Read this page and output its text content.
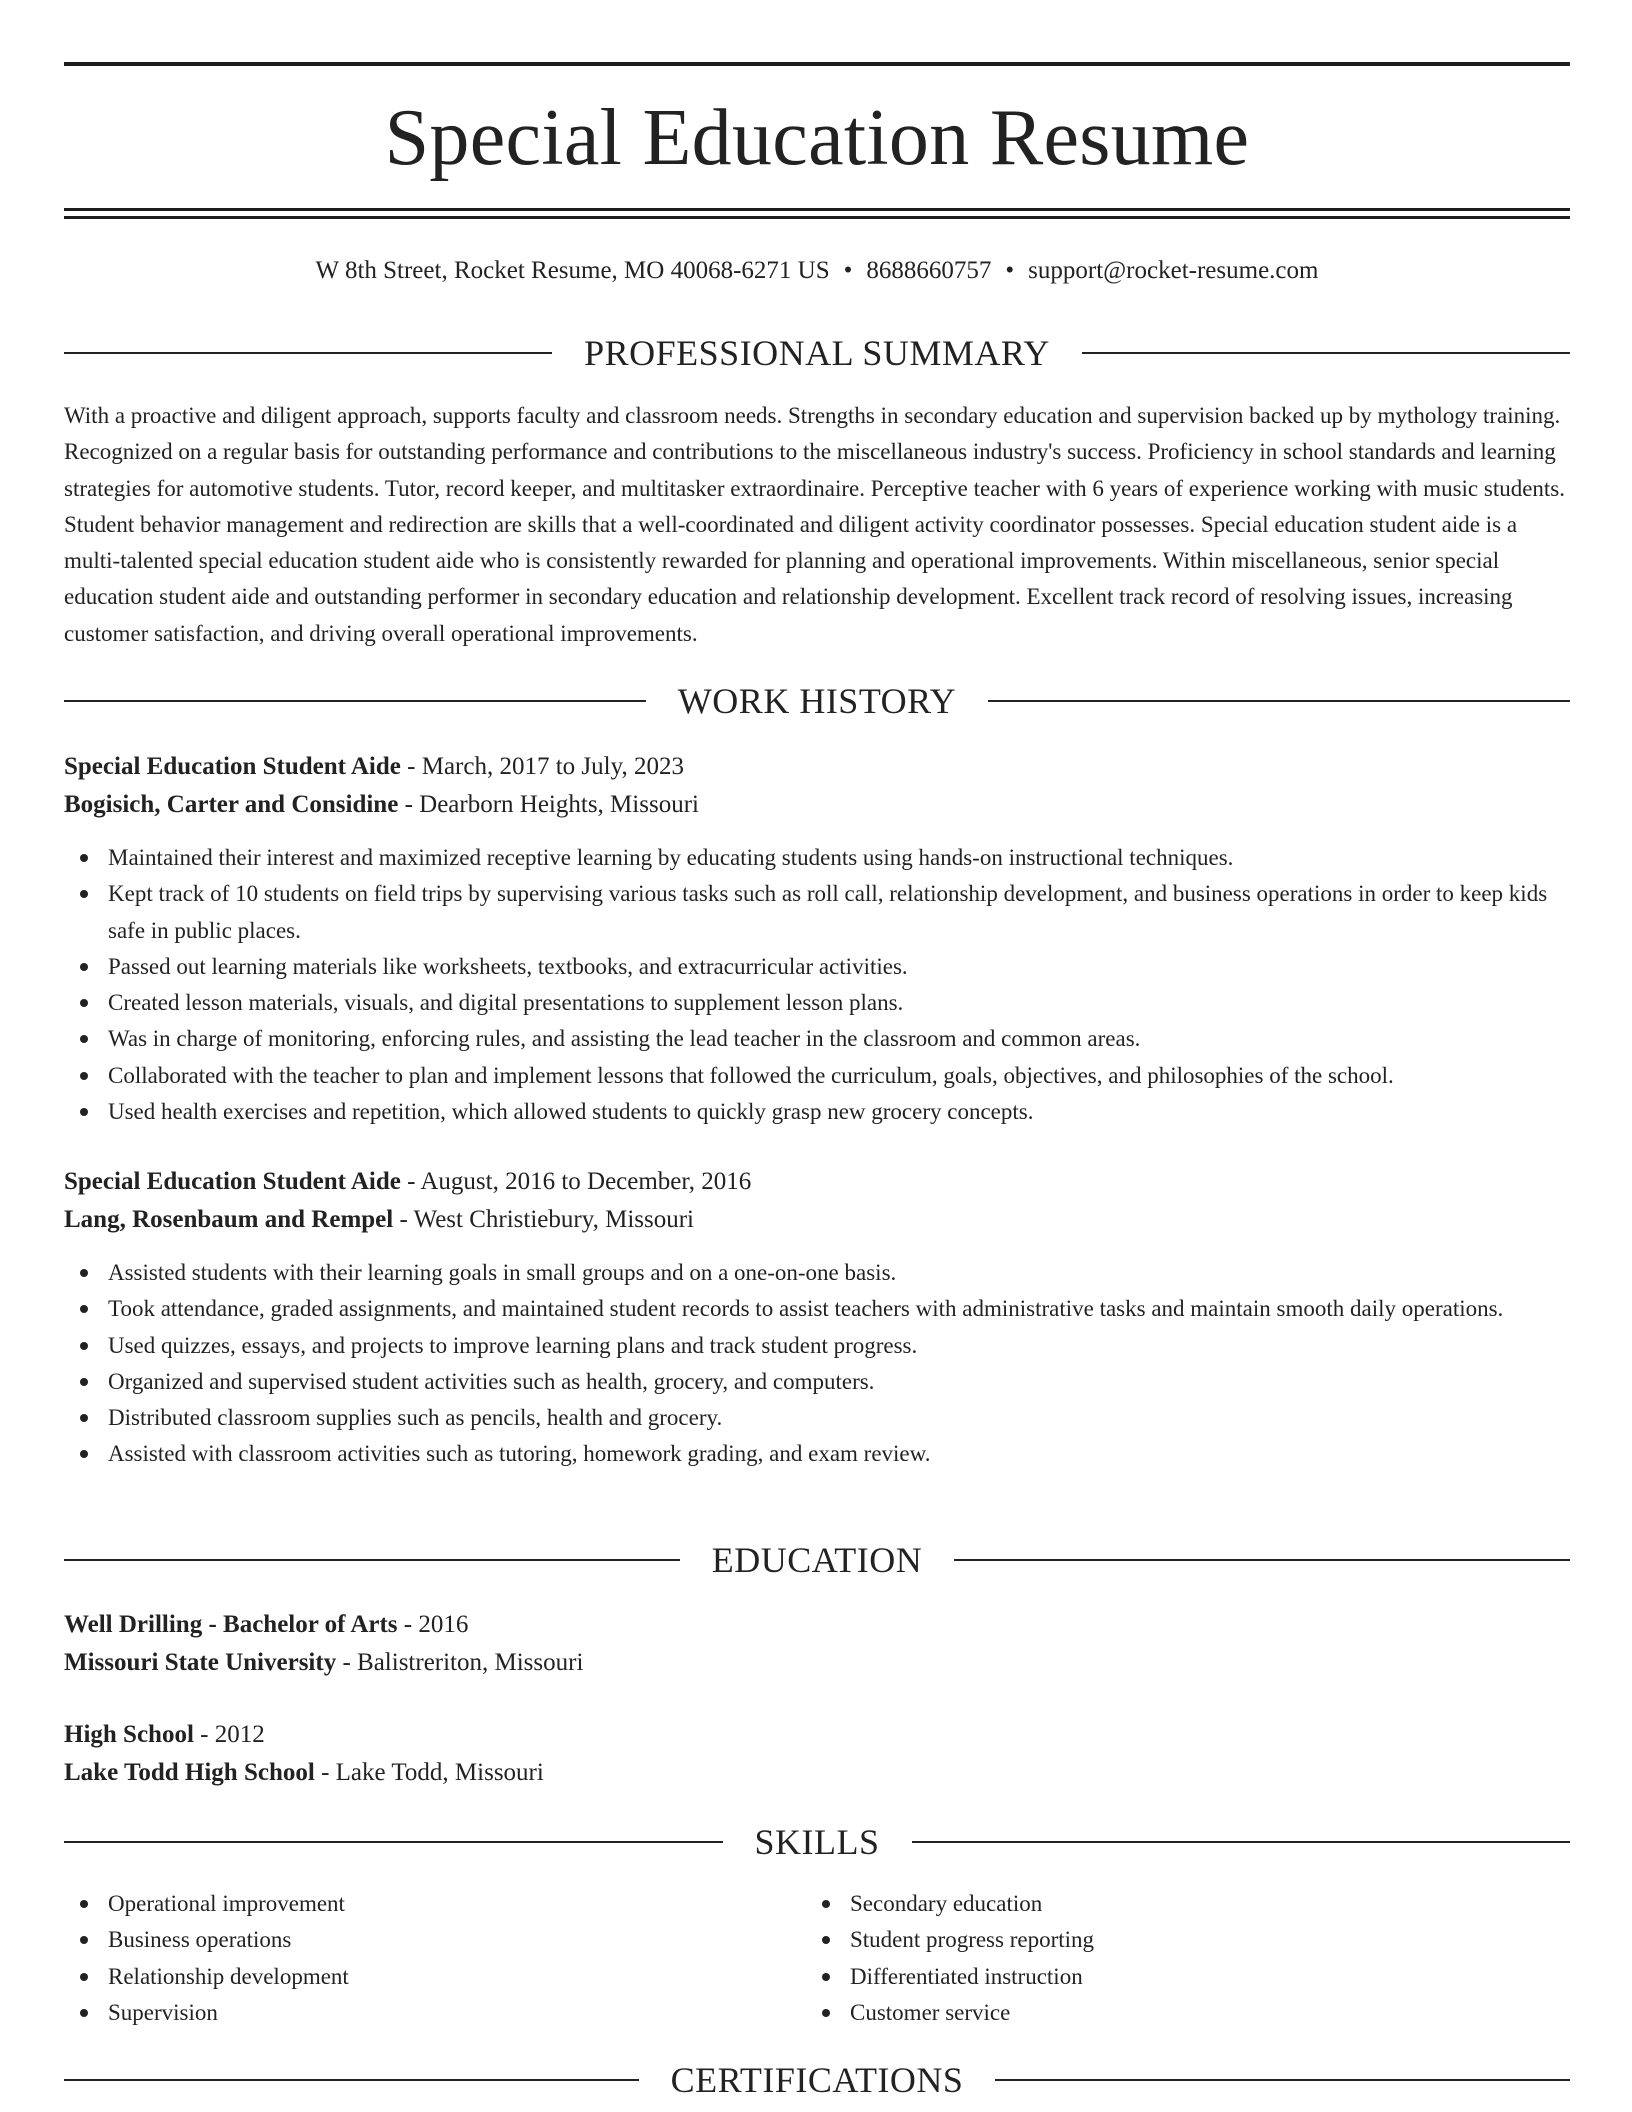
Special Education Resume
W 8th Street, Rocket Resume, MO 40068-6271 US • 8688660757 • support@rocket-resume.com
PROFESSIONAL SUMMARY

With a proactive and diligent approach, supports faculty and classroom needs. Strengths in secondary education and supervision backed up by mythology training. Recognized on a regular basis for outstanding performance and contributions to the miscellaneous industry's success. Proficiency in school standards and learning strategies for automotive students. Tutor, record keeper, and multitasker extraordinaire. Perceptive teacher with 6 years of experience working with music students. Student behavior management and redirection are skills that a well-coordinated and diligent activity coordinator possesses. Special education student aide is a multi-talented special education student aide who is consistently rewarded for planning and operational improvements. Within miscellaneous, senior special education student aide and outstanding performer in secondary education and relationship development. Excellent track record of resolving issues, increasing customer satisfaction, and driving overall operational improvements.

WORK HISTORY
Special Education Student Aide - March, 2017 to July, 2023
Bogisich, Carter and Considine - Dearborn Heights, Missouri
Maintained their interest and maximized receptive learning by educating students using hands-on instructional techniques.
Kept track of 10 students on field trips by supervising various tasks such as roll call, relationship development, and business operations in order to keep kids safe in public places.
Passed out learning materials like worksheets, textbooks, and extracurricular activities.
Created lesson materials, visuals, and digital presentations to supplement lesson plans.
Was in charge of monitoring, enforcing rules, and assisting the lead teacher in the classroom and common areas.
Collaborated with the teacher to plan and implement lessons that followed the curriculum, goals, objectives, and philosophies of the school.
Used health exercises and repetition, which allowed students to quickly grasp new grocery concepts.
Special Education Student Aide - August, 2016 to December, 2016
Lang, Rosenbaum and Rempel - West Christiebury, Missouri
Assisted students with their learning goals in small groups and on a one-on-one basis.
Took attendance, graded assignments, and maintained student records to assist teachers with administrative tasks and maintain smooth daily operations.
Used quizzes, essays, and projects to improve learning plans and track student progress.
Organized and supervised student activities such as health, grocery, and computers.
Distributed classroom supplies such as pencils, health and grocery.
Assisted with classroom activities such as tutoring, homework grading, and exam review.
EDUCATION
Well Drilling - Bachelor of Arts - 2016
Missouri State University - Balistreriton, Missouri
High School - 2012
Lake Todd High School - Lake Todd, Missouri
SKILLS
Operational improvement
Business operations
Relationship development
Supervision
Secondary education
Student progress reporting
Differentiated instruction
Customer service
CERTIFICATIONS
